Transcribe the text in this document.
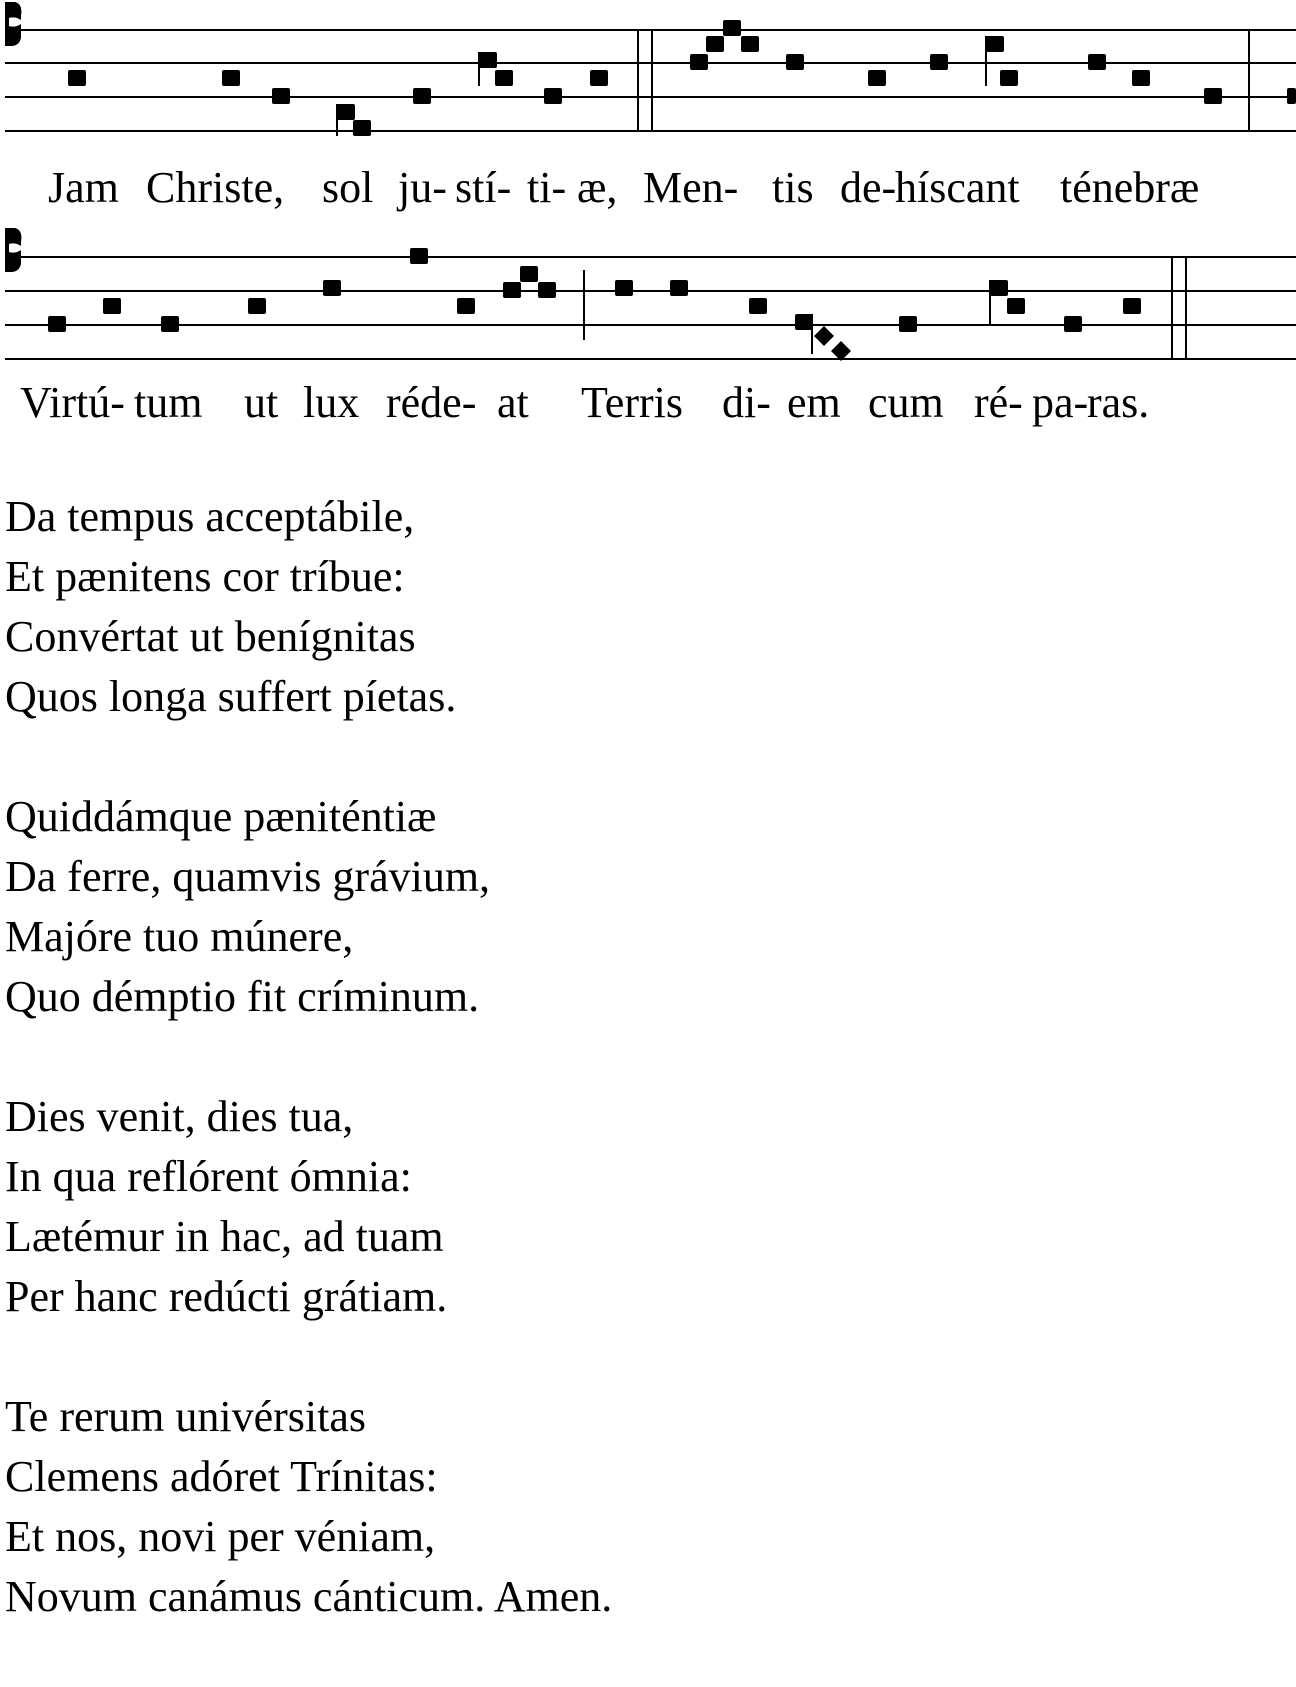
Jam Christe, sol ju- stí- ti- æ, Men- tis de-
híscant ténebræ
Virtú- tum ut lux réde- at Terris di- em cum ré- pa-
ras.
Da tempus acceptábile,
Et pænitens cor tríbue:
Convértat ut benígnitas
Quos longa suffert píetas.
Quiddámque pæniténtiæ
Da ferre, quamvis grávium,
Majóre tuo múnere,
Quo démptio fit críminum.
Dies venit, dies tua,
In qua reflórent ómnia:
Lætémur in hac, ad tuam
Per hanc redúcti grátiam.
Te rerum univérsitas
Clemens adóret Trínitas:
Et nos, novi per véniam,
Novum canámus cánticum. Amen.
